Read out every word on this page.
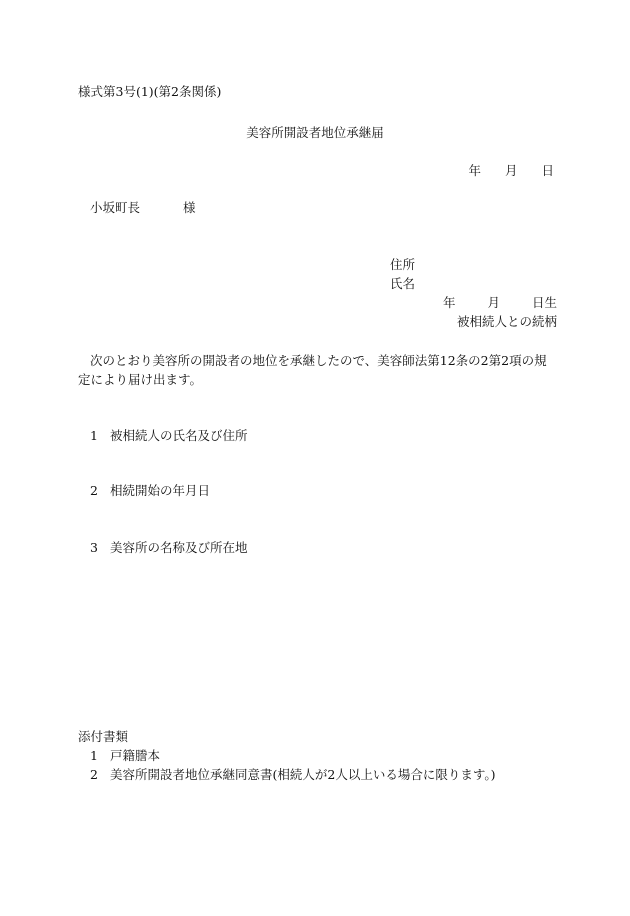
様式第3号(1)(第2条関係)
美容所開設者地位承継届
年 月 日
小坂町長	様
住所
氏名
年	月	日生
被相続人との続柄
次のとおり美容所の開設者の地位を承継したので、美容師法第12条の2第2項の規定により届け出ます。
1 被相続人の氏名及び住所
2 相続開始の年月日
3 美容所の名称及び所在地
添付書類
1 戸籍謄本
2 美容所開設者地位承継同意書(相続人が2人以上いる場合に限ります。)
